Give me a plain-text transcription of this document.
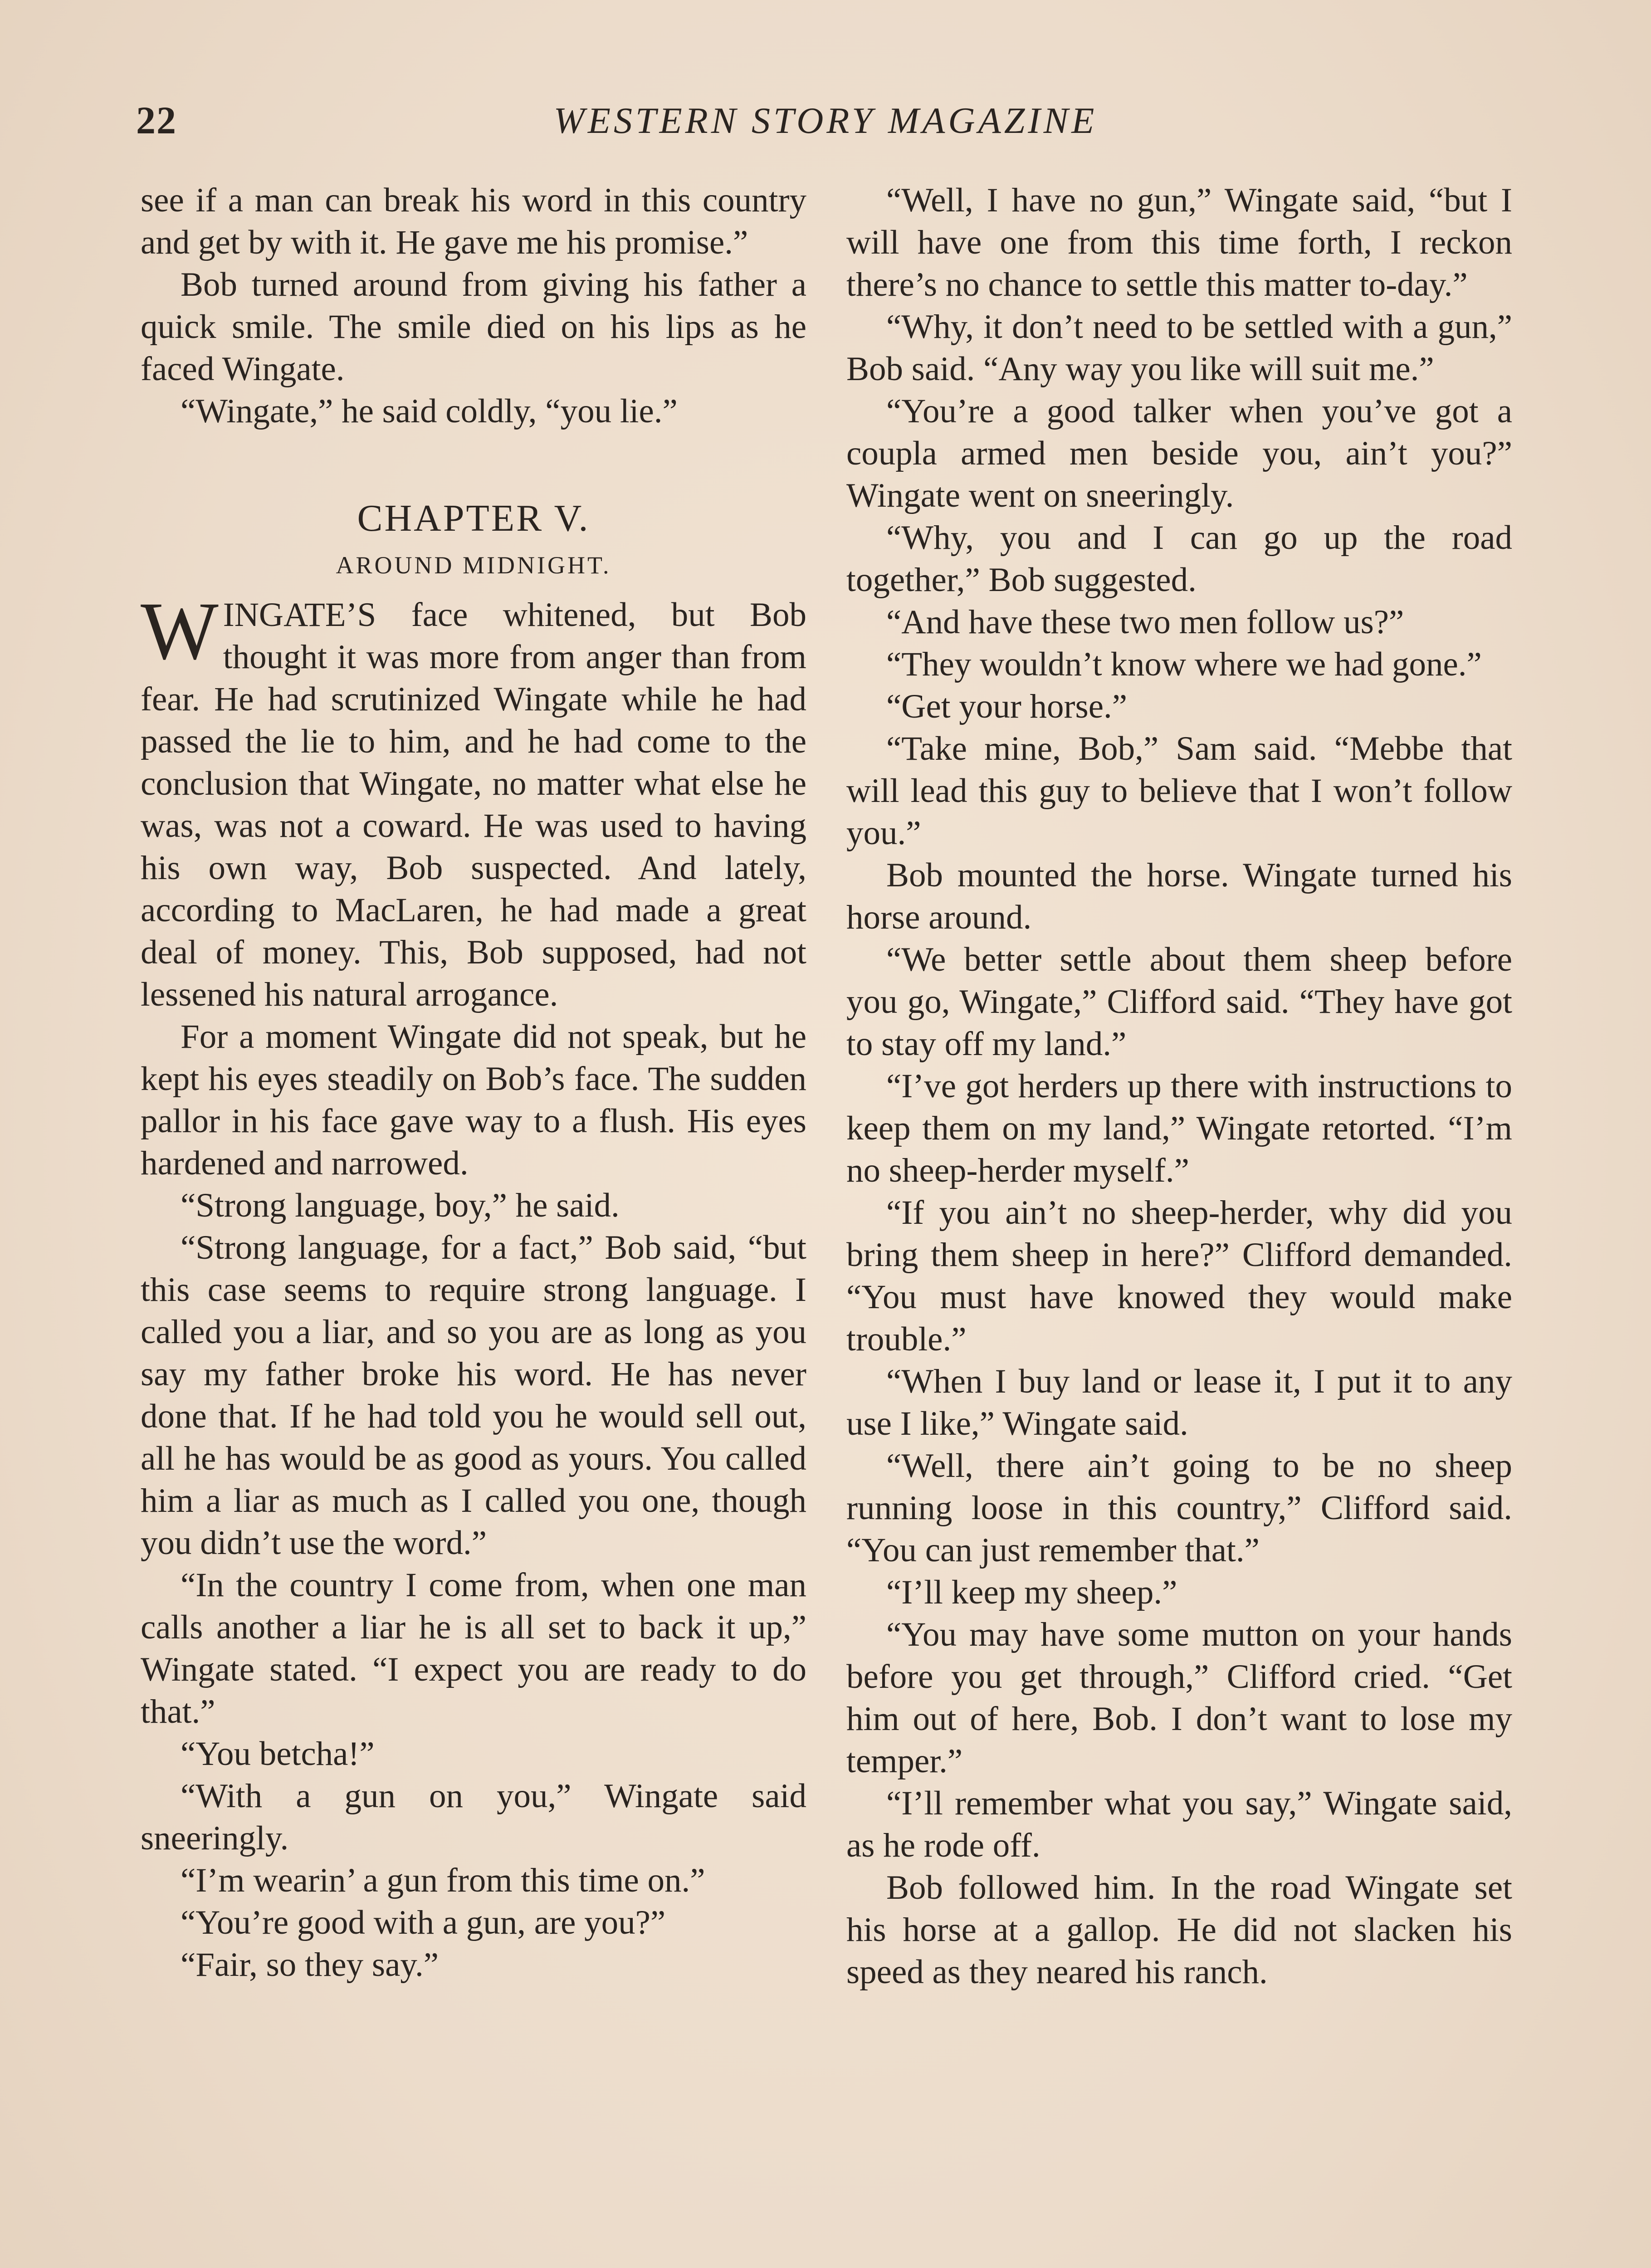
22	WESTERN STORY MAGAZINE

see if a man can break his word in this country and get by with it. He gave me his promise.”

Bob turned around from giving his father a quick smile. The smile died on his lips as he faced Wingate.

“Wingate,” he said coldly, “you lie.”

CHAPTER V.
AROUND MIDNIGHT.

WINGATE’S face whitened, but Bob thought it was more from anger than from fear. He had scrutinized Wingate while he had passed the lie to him, and he had come to the conclusion that Wingate, no matter what else he was, was not a coward. He was used to having his own way, Bob suspected. And lately, according to MacLaren, he had made a great deal of money. This, Bob supposed, had not lessened his natural arrogance.

For a moment Wingate did not speak, but he kept his eyes steadily on Bob’s face. The sudden pallor in his face gave way to a flush. His eyes hardened and narrowed.

“Strong language, boy,” he said.

“Strong language, for a fact,” Bob said, “but this case seems to require strong language. I called you a liar, and so you are as long as you say my father broke his word. He has never done that. If he had told you he would sell out, all he has would be as good as yours. You called him a liar as much as I called you one, though you didn’t use the word.”

“In the country I come from, when one man calls another a liar he is all set to back it up,” Wingate stated. “I expect you are ready to do that.”

“You betcha!”

“With a gun on you,” Wingate said sneeringly.

“I’m wearin’ a gun from this time on.”

“You’re good with a gun, are you?”

“Fair, so they say.”

“Well, I have no gun,” Wingate said, “but I will have one from this time forth, I reckon there’s no chance to settle this matter to-day.”

“Why, it don’t need to be settled with a gun,” Bob said. “Any way you like will suit me.”

“You’re a good talker when you’ve got a coupla armed men beside you, ain’t you?” Wingate went on sneeringly.

“Why, you and I can go up the road together,” Bob suggested.

“And have these two men follow us?”

“They wouldn’t know where we had gone.”

“Get your horse.”

“Take mine, Bob,” Sam said. “Mebbe that will lead this guy to believe that I won’t follow you.”

Bob mounted the horse. Wingate turned his horse around.

“We better settle about them sheep before you go, Wingate,” Clifford said. “They have got to stay off my land.”

“I’ve got herders up there with instructions to keep them on my land,” Wingate retorted. “I’m no sheep-herder myself.”

“If you ain’t no sheep-herder, why did you bring them sheep in here?” Clifford demanded. “You must have knowed they would make trouble.”

“When I buy land or lease it, I put it to any use I like,” Wingate said.

“Well, there ain’t going to be no sheep running loose in this country,” Clifford said. “You can just remember that.”

“I’ll keep my sheep.”

“You may have some mutton on your hands before you get through,” Clifford cried. “Get him out of here, Bob. I don’t want to lose my temper.”

“I’ll remember what you say,” Wingate said, as he rode off.

Bob followed him. In the road Wingate set his horse at a gallop. He did not slacken his speed as they neared his ranch.
